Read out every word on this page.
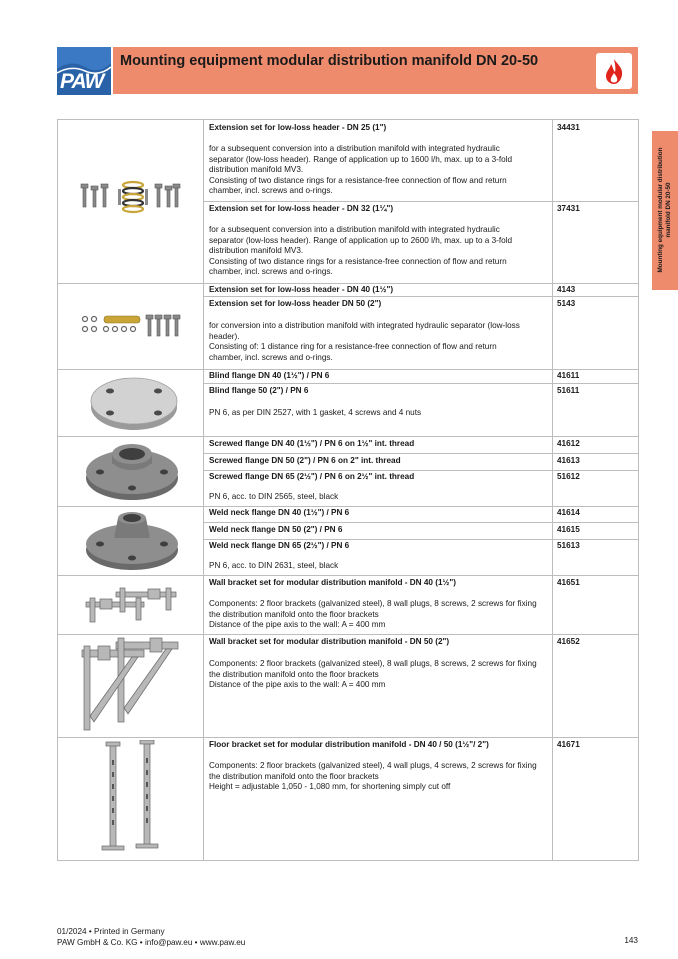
PAW
Mounting equipment modular distribution manifold DN 20-50
Mounting equipment modular distribution manifold DN 20-50
Extension set for low-loss header - DN 25 (1")	34431
for a subsequent conversion into a distribution manifold with integrated hydraulic
separator (low-loss header). Range of application up to 1600 l/h, max. up to a 3-fold
distribution manifold MV3.
Consisting of two distance rings for a resistance-free connection of flow and return
chamber, incl. screws and o-rings.
Extension set for low-loss header - DN 32 (1¼")	37431
for a subsequent conversion into a distribution manifold with integrated hydraulic
separator (low-loss header). Range of application up to 2600 l/h, max. up to a 3-fold
distribution manifold MV3.
Consisting of two distance rings for a resistance-free connection of flow and return
chamber, incl. screws and o-rings.
Extension set for low-loss header - DN 40 (1½")	4143
Extension set for low-loss header DN 50 (2")	5143
for conversion into a distribution manifold with integrated hydraulic separator (low-loss
header).
Consisting of: 1 distance ring for a resistance-free connection of flow and return
chamber, incl. screws and o-rings.
Blind flange DN 40 (1½") / PN 6	41611
Blind flange 50 (2") / PN 6	51611
PN 6, as per DIN 2527, with 1 gasket, 4 screws and 4 nuts
Screwed flange DN 40 (1½") / PN 6 on 1½" int. thread	41612
Screwed flange DN 50 (2") / PN 6 on 2" int. thread	41613
Screwed flange DN 65 (2½") / PN 6 on 2½" int. thread	51612
PN 6, acc. to DIN 2565, steel, black
Weld neck flange DN 40 (1½") / PN 6	41614
Weld neck flange DN 50 (2") / PN 6	41615
Weld neck flange DN 65 (2½") / PN 6	51613
PN 6, acc. to DIN 2631, steel, black
Wall bracket set for modular distribution manifold - DN 40 (1½")	41651
Components: 2 floor brackets (galvanized steel), 8 wall plugs, 8 screws, 2 screws for fixing
the distribution manifold onto the floor brackets
Distance of the pipe axis to the wall: A = 400 mm
Wall bracket set for modular distribution manifold - DN 50 (2")	41652
Components: 2 floor brackets (galvanized steel), 8 wall plugs, 8 screws, 2 screws for fixing
the distribution manifold onto the floor brackets
Distance of the pipe axis to the wall: A = 400 mm
Floor bracket set for modular distribution manifold - DN 40 / 50 (1½"/ 2")	41671
Components: 2 floor brackets (galvanized steel), 4 wall plugs, 4 screws, 2 screws for fixing
the distribution manifold onto the floor brackets
Height = adjustable 1,050 - 1,080 mm, for shortening simply cut off
01/2024 • Printed in Germany
PAW GmbH & Co. KG • info@paw.eu • www.paw.eu	143
